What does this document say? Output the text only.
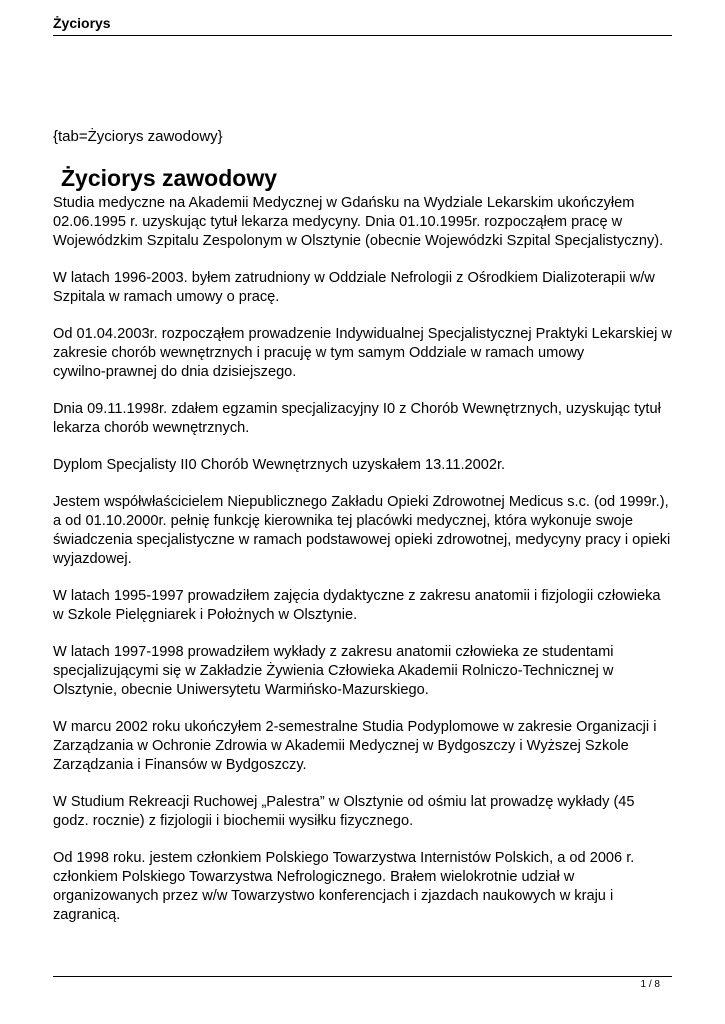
Życiorys
{tab=Życiorys zawodowy}
Życiorys zawodowy

Studia medyczne na Akademii Medycznej w Gdańsku na Wydziale Lekarskim ukończyłem
02.06.1995 r. uzyskując tytuł lekarza medycyny. Dnia 01.10.1995r. rozpocząłem pracę w
Wojewódzkim Szpitalu Zespolonym w Olsztynie (obecnie Wojewódzki Szpital Specjalistyczny).

W latach 1996-2003. byłem zatrudniony w Oddziale Nefrologii z Ośrodkiem Dializoterapii w/w
Szpitala w ramach umowy o pracę.

Od 01.04.2003r. rozpocząłem prowadzenie Indywidualnej Specjalistycznej Praktyki Lekarskiej w
zakresie chorób wewnętrznych i pracuję w tym samym Oddziale w ramach umowy
cywilno-prawnej do dnia dzisiejszego.

Dnia 09.11.1998r. zdałem egzamin specjalizacyjny I0 z Chorób Wewnętrznych, uzyskując tytuł
lekarza chorób wewnętrznych.

Dyplom Specjalisty II0 Chorób Wewnętrznych uzyskałem 13.11.2002r.

Jestem współwłaścicielem Niepublicznego Zakładu Opieki Zdrowotnej Medicus s.c. (od 1999r.),
a od 01.10.2000r. pełnię funkcję kierownika tej placówki medycznej, która wykonuje swoje
świadczenia specjalistyczne w ramach podstawowej opieki zdrowotnej, medycyny pracy i opieki
wyjazdowej.

W latach 1995-1997 prowadziłem zajęcia dydaktyczne z zakresu anatomii i fizjologii człowieka
w Szkole Pielęgniarek i Położnych w Olsztynie.

W latach 1997-1998 prowadziłem wykłady z zakresu anatomii człowieka ze studentami
specjalizującymi się w Zakładzie Żywienia Człowieka Akademii Rolniczo-Technicznej w
Olsztynie, obecnie Uniwersytetu Warmińsko-Mazurskiego.

W marcu 2002 roku ukończyłem 2-semestralne Studia Podyplomowe w zakresie Organizacji i
Zarządzania w Ochronie Zdrowia w Akademii Medycznej w Bydgoszczy i Wyższej Szkole
Zarządzania i Finansów w Bydgoszczy.

W Studium Rekreacji Ruchowej „Palestra” w Olsztynie od ośmiu lat prowadzę wykłady (45
godz. rocznie) z fizjologii i biochemii wysiłku fizycznego.

Od 1998 roku. jestem członkiem Polskiego Towarzystwa Internistów Polskich, a od 2006 r.
członkiem Polskiego Towarzystwa Nefrologicznego. Brałem wielokrotnie udział w
organizowanych przez w/w Towarzystwo konferencjach i zjazdach naukowych w kraju i
zagranicą.

1 / 8
